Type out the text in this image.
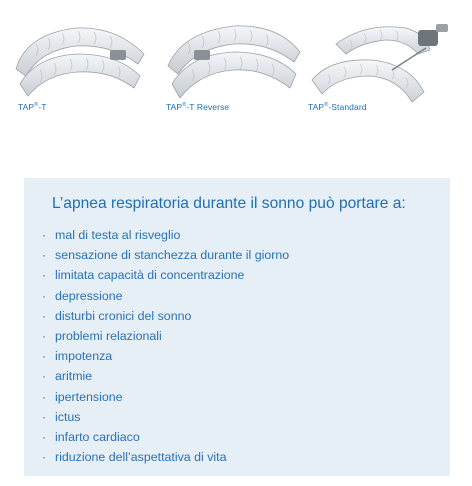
TAP®-T	TAP®-T Reverse	TAP®-Standard
L’apnea respiratoria durante il sonno può portare a:
· mal di testa al risveglio
· sensazione di stanchezza durante il giorno
· limitata capacità di concentrazione
· depressione
· disturbi cronici del sonno
· problemi relazionali
· impotenza
· aritmie
· ipertensione
· ictus
· infarto cardiaco
· riduzione dell’aspettativa di vita
